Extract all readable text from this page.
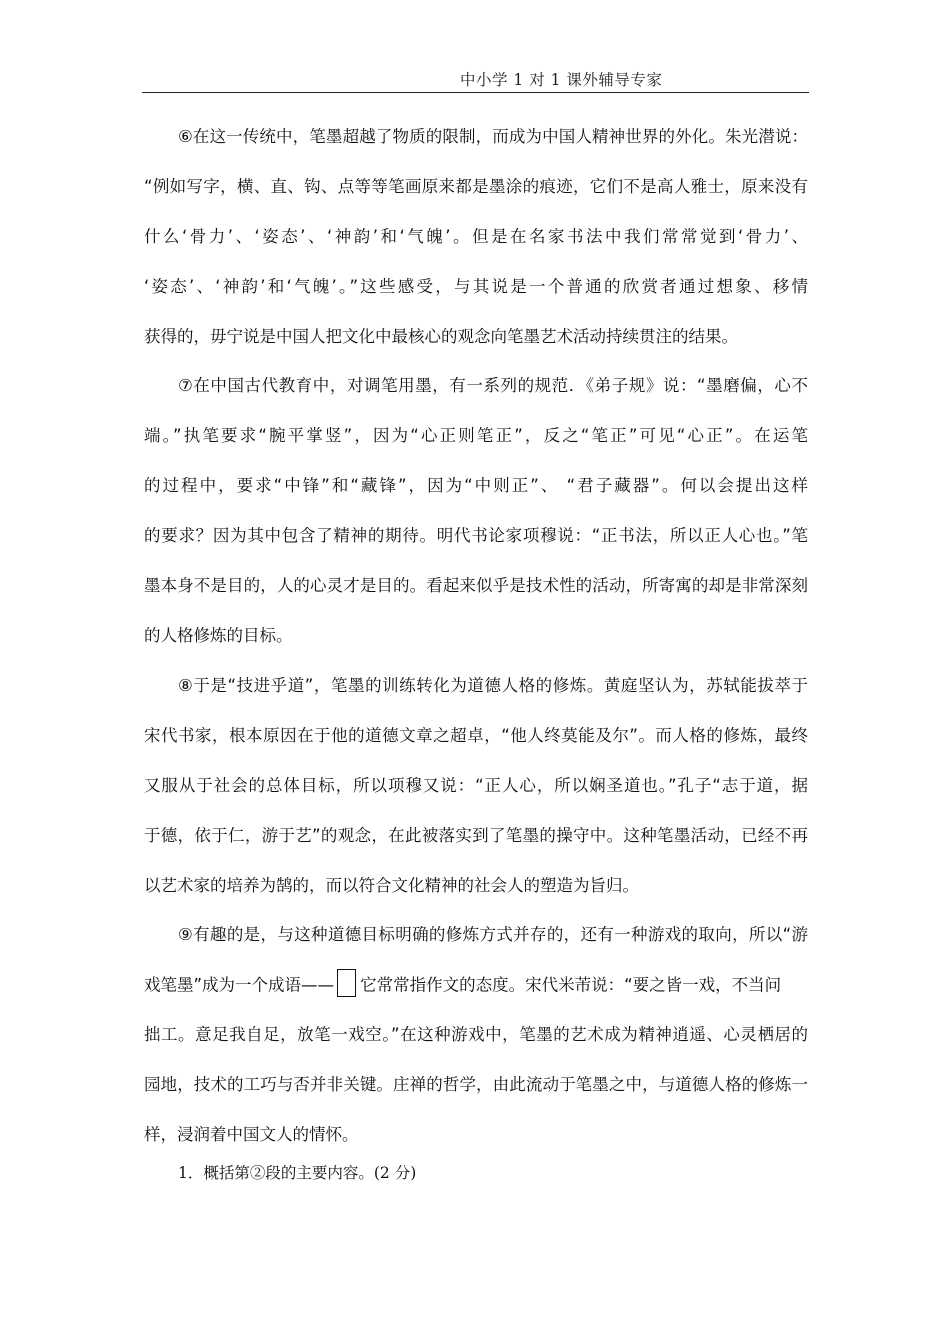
中小学 1 对 1 课外辅导专家
⑥在这一传统中，笔墨超越了物质的限制，而成为中国人精神世界的外化。朱光潜说：
“例如写字，横、直、钩、点等等笔画原来都是墨涂的痕迹，它们不是高人雅士，原来没有
什么‘骨力’、‘姿态’、‘神韵’和‘气魄’。但是在名家书法中我们常常觉到‘骨力’、
‘姿态’、‘神韵’和‘气魄’。”这些感受，与其说是一个普通的欣赏者通过想象、移情
获得的，毋宁说是中国人把文化中最核心的观念向笔墨艺术活动持续贯注的结果。
⑦在中国古代教育中，对调笔用墨，有一系列的规范．《弟子规》说：“墨磨偏，心不
端。”执笔要求“腕平掌竖”，因为“心正则笔正”，反之“笔正”可见“心正”。在运笔
的过程中，要求“中锋”和“藏锋”，因为“中则正”、 “君子藏器”。何以会提出这样
的要求？因为其中包含了精神的期待。明代书论家项穆说：“正书法，所以正人心也。”笔
墨本身不是目的，人的心灵才是目的。看起来似乎是技术性的活动，所寄寓的却是非常深刻
的人格修炼的目标。
⑧于是“技进乎道”，笔墨的训练转化为道德人格的修炼。黄庭坚认为，苏轼能拔萃于
宋代书家，根本原因在于他的道德文章之超卓，“他人终莫能及尔”。而人格的修炼，最终
又服从于社会的总体目标，所以项穆又说：“正人心，所以娴圣道也。”孔子“志于道，据
于德，依于仁，游于艺”的观念，在此被落实到了笔墨的操守中。这种笔墨活动，已经不再
以艺术家的培养为鹄的，而以符合文化精神的社会人的塑造为旨归。
⑨有趣的是，与这种道德目标明确的修炼方式并存的，还有一种游戏的取向，所以“游
戏笔墨”成为一个成语—— 它常常指作文的态度。宋代米芾说：“要之皆一戏，不当问
拙工。意足我自足，放笔一戏空。”在这种游戏中，笔墨的艺术成为精神逍遥、心灵栖居的
园地，技术的工巧与否并非关键。庄禅的哲学，由此流动于笔墨之中，与道德人格的修炼一
样，浸润着中国文人的情怀。
1．概括第②段的主要内容。(2 分)
